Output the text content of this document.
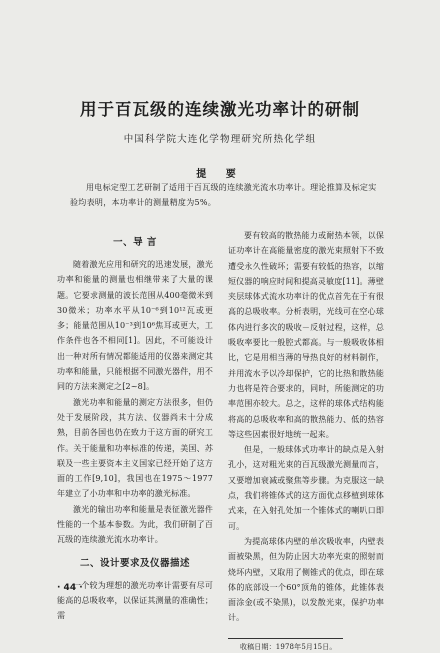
用于百瓦级的连续激光功率计的研制
中国科学院大连化学物理研究所热化学组
提 要
用电标定型工艺研制了适用于百瓦级的连续激光流水功率计。理论推算及标定实验均表明，本功率计的测量精度为5%。
一、导 言

随着激光应用和研究的迅速发展，激光功率和能量的测量也相继带来了大量的课题。它要求测量的波长范围从400毫微米到30微米；功率水平从10⁻⁶到10¹²瓦或更多；能量范围从10⁻³到10⁶焦耳或更大，工作条件也各不相同[1]。因此，不可能设计出一种对所有情况都能适用的仪器来测定其功率和能量，只能根据不同激光器件，用不同的方法来测定之[2~8]。

激光功率和能量的测定方法很多，但仍处于发展阶段，其方法、仪器尚未十分成熟，目前各国也仍在致力于这方面的研究工作。关于能量和功率标准的传递，美国、苏联及一些主要资本主义国家已经开始了这方面的工作[9,10]，我国也在1975～1977年建立了小功率和中功率的激光标准。

激光的输出功率和能量是表征激光器件性能的一个基本参数。为此，我们研制了百瓦级的连续激光流水功率计。

二、设计要求及仪器描述

一个较为理想的激光功率计需要有尽可能高的总吸收率，以保证其测量的准确性；需

要有较高的散热能力或耐热本领，以保证功率计在高能量密度的激光束照射下不致遭受永久性破坏；需要有较低的热容，以缩短仪器的响应时间和提高灵敏度[11]。薄壁夹层球体式流水功率计的优点首先在于有很高的总吸收率。分析表明，光线可在空心球体内进行多次的吸收－反射过程，这样，总吸收率要比一般腔式都高。与一般吸收体相比，它是用相当薄的导热良好的材料制作，并用流水予以冷却保护，它的比热和散热能力也将是符合要求的，同时，所能测定的功率范围亦较大。总之，这样的球体式结构能将高的总吸收率和高的散热能力、低的热容等这些因素很好地统一起来。

但是，一般球体式功率计的缺点是入射孔小，这对粗光束的百瓦级激光测量而言，又要增加衰减或聚焦等步骤。为克服这一缺点，我们将锥体式的这方面优点移植到球体式来，在入射孔处加一个锥体式的喇叭口即可。

为提高球体内壁的单次吸收率，内壁表面被染黑，但为防止因大功率光束的照射而烧坏内壁，又取用了侧锥式的优点，即在球体的底部设一个60°顶角的锥体，此锥体表面涂金(或不染黑)，以发散光束，保护功率计。

收稿日期：1978年5月15日。
· 44 ·
